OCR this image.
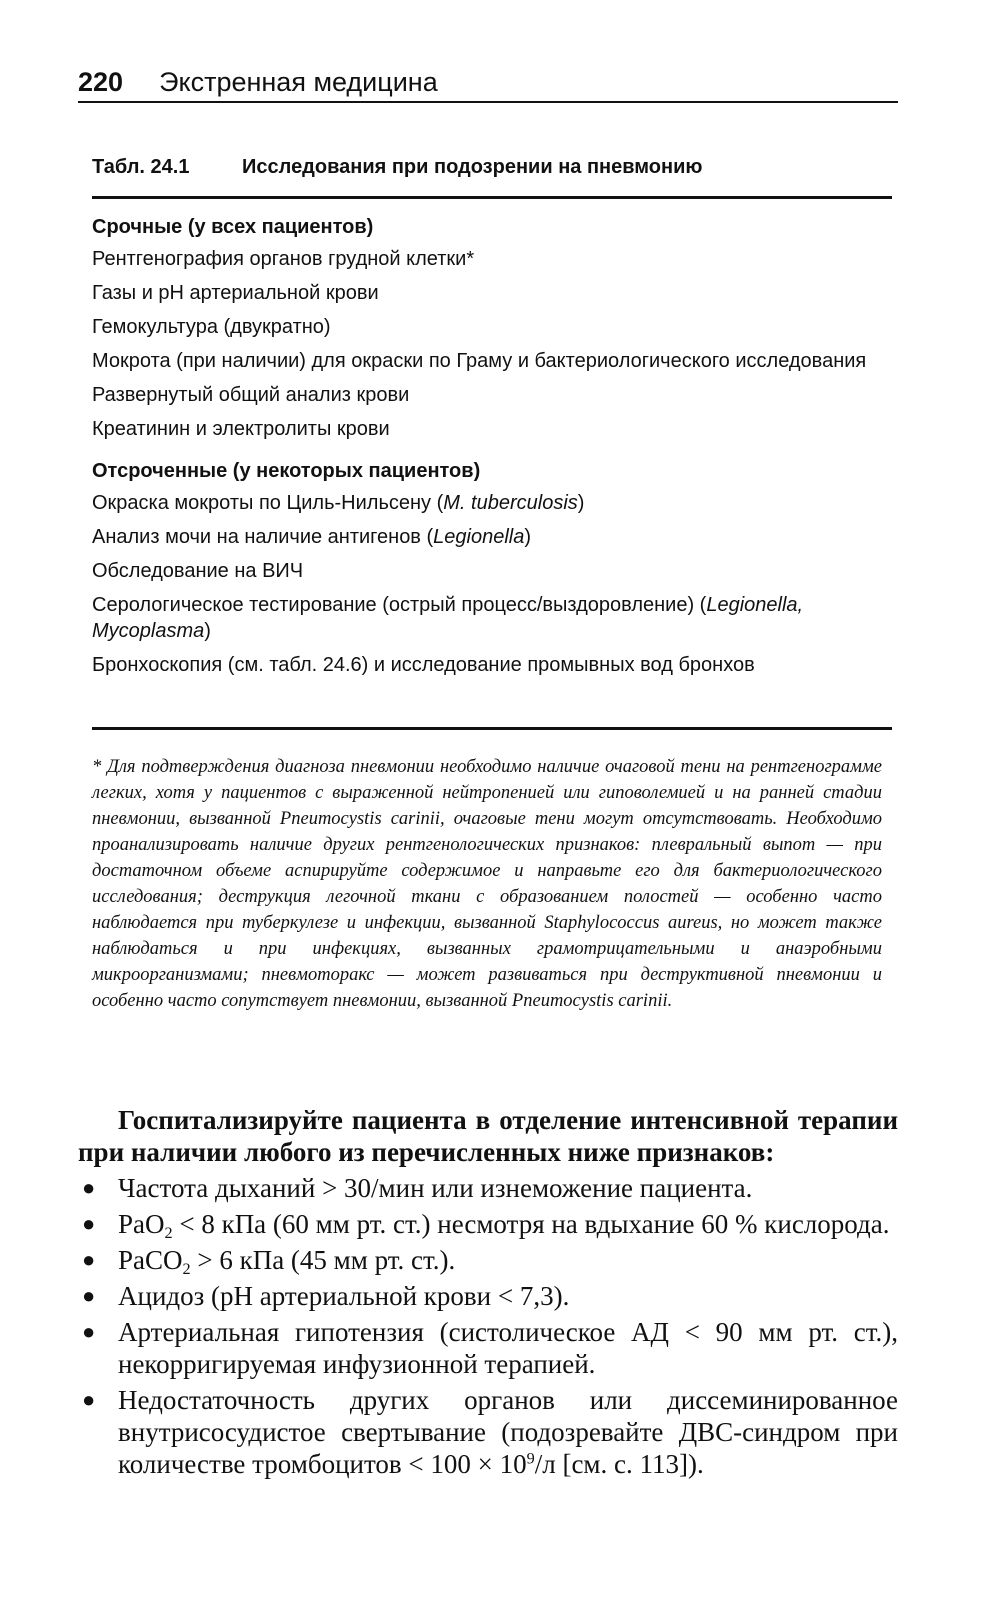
220 Экстренная медицина
Табл. 24.1	Исследования при подозрении на пневмонию
Срочные (у всех пациентов)
Рентгенография органов грудной клетки*
Газы и pH артериальной крови
Гемокультура (двукратно)
Мокрота (при наличии) для окраски по Граму и бактериологического исследования
Развернутый общий анализ крови
Креатинин и электролиты крови
Отсроченные (у некоторых пациентов)
Окраска мокроты по Циль-Нильсену (M. tuberculosis)
Анализ мочи на наличие антигенов (Legionella)
Обследование на ВИЧ
Серологическое тестирование (острый процесс/выздоровление) (Legionella, Mycoplasma)
Бронхоскопия (см. табл. 24.6) и исследование промывных вод бронхов
* Для подтверждения диагноза пневмонии необходимо наличие очаговой тени на рентгенограмме легких, хотя у пациентов с выраженной нейтропенией или гиповолемией и на ранней стадии пневмонии, вызванной Pneumocystis carinii, очаговые тени могут отсутствовать. Необходимо проанализировать наличие других рентгенологических признаков: плевральный выпот — при достаточном объеме аспирируйте содержимое и направьте его для бактериологического исследования; деструкция легочной ткани с образованием полостей — особенно часто наблюдается при туберкулезе и инфекции, вызванной Staphylococcus aureus, но может также наблюдаться и при инфекциях, вызванных грамотрицательными и анаэробными микроорганизмами; пневмоторакс — может развиваться при деструктивной пневмонии и особенно часто сопутствует пневмонии, вызванной Pneumocystis carinii.

Госпитализируйте пациента в отделение интенсивной терапии при наличии любого из перечисленных ниже признаков:

● Частота дыханий > 30/мин или изнеможение пациента.
● PaO$_2$ < 8 кПа (60 мм рт. ст.) несмотря на вдыхание 60 % кислорода.
● PaCO$_2$ > 6 кПа (45 мм рт. ст.).
● Ацидоз (pH артериальной крови < 7,3).
● Артериальная гипотензия (систолическое АД < 90 мм рт. ст.), некорригируемая инфузионной терапией.
● Недостаточность других органов или диссеминированное внутрисосудистое свертывание (подозревайте ДВС-синдром при количестве тромбоцитов < $100 \times 10^9/л$ [см. с. 113]).
